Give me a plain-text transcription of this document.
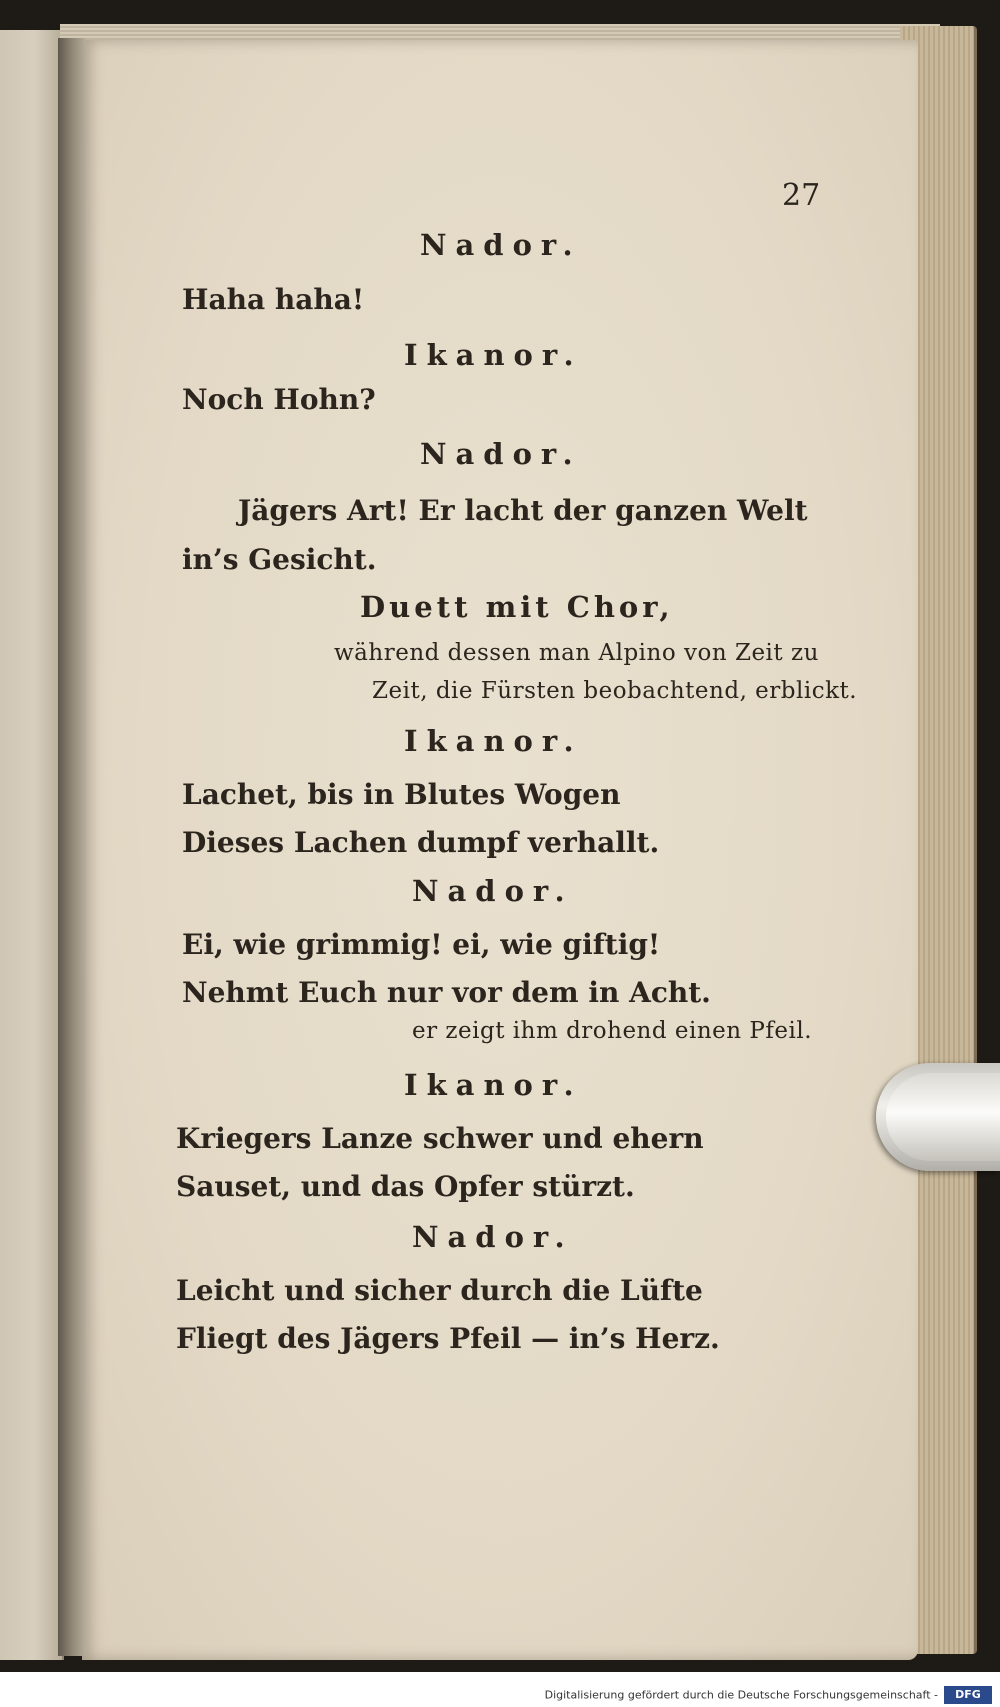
27
Nador.
Haha haha!
Ikanor.
Noch Hohn?
Nador.
Jägers Art! Er lacht der ganzen Welt
in’s Gesicht.
Duett mit Chor,
während dessen man Alpino von Zeit zu
Zeit, die Fürsten beobachtend, erblickt.
Ikanor.
Lachet, bis in Blutes Wogen
Dieses Lachen dumpf verhallt.
Nador.
Ei, wie grimmig! ei, wie giftig!
Nehmt Euch nur vor dem in Acht.
er zeigt ihm drohend einen Pfeil.
Ikanor.
Kriegers Lanze schwer und ehern
Sauset, und das Opfer stürzt.
Nador.
Leicht und sicher durch die Lüfte
Fliegt des Jägers Pfeil — in’s Herz.
Digitalisierung gefördert durch die Deutsche Forschungsgemeinschaft -	DFG
